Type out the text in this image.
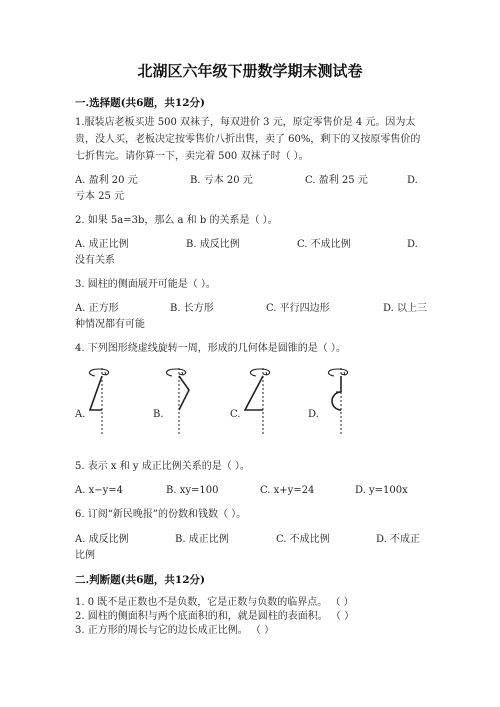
北湖区六年级下册数学期末测试卷
一.选择题(共6题，共12分)
1.服装店老板买进 500 双袜子，每双进价 3 元，原定零售价是 4 元。因为太
贵，没人买，老板决定按零售价八折出售，卖了 60%，剩下的又按原零售价的
七折售完。请你算一下，卖完着 500 双袜子时（ ）。
A. 盈利 20 元	B. 亏本 20 元	C. 盈利 25 元	D.
亏本 25 元
2. 如果 5a=3b，那么 a 和 b 的关系是（ ）。
A. 成正比例	B. 成反比例	C. 不成比例	D.
没有关系
3. 圆柱的侧面展开可能是（ ）。
A. 正方形	B. 长方形	C. 平行四边形	D. 以上三
种情况都有可能
4. 下列图形绕虚线旋转一周，形成的几何体是圆锥的是（ ）。
A.	B.	C.	D.
5. 表示 x 和 y 成正比例关系的是（ ）。
A. x−y=4	B. xy=100	C. x+y=24	D. y=100x
6. 订阅“新民晚报”的份数和钱数（ ）。
A. 成反比例	B. 成正比例	C. 不成比例	D. 不成正
比例
二.判断题(共6题，共12分)
1. 0 既不是正数也不是负数，它是正数与负数的临界点。 （ ）
2. 圆柱的侧面积与两个底面积的和，就是圆柱的表面积。 （ ）
3. 正方形的周长与它的边长成正比例。 （ ）
